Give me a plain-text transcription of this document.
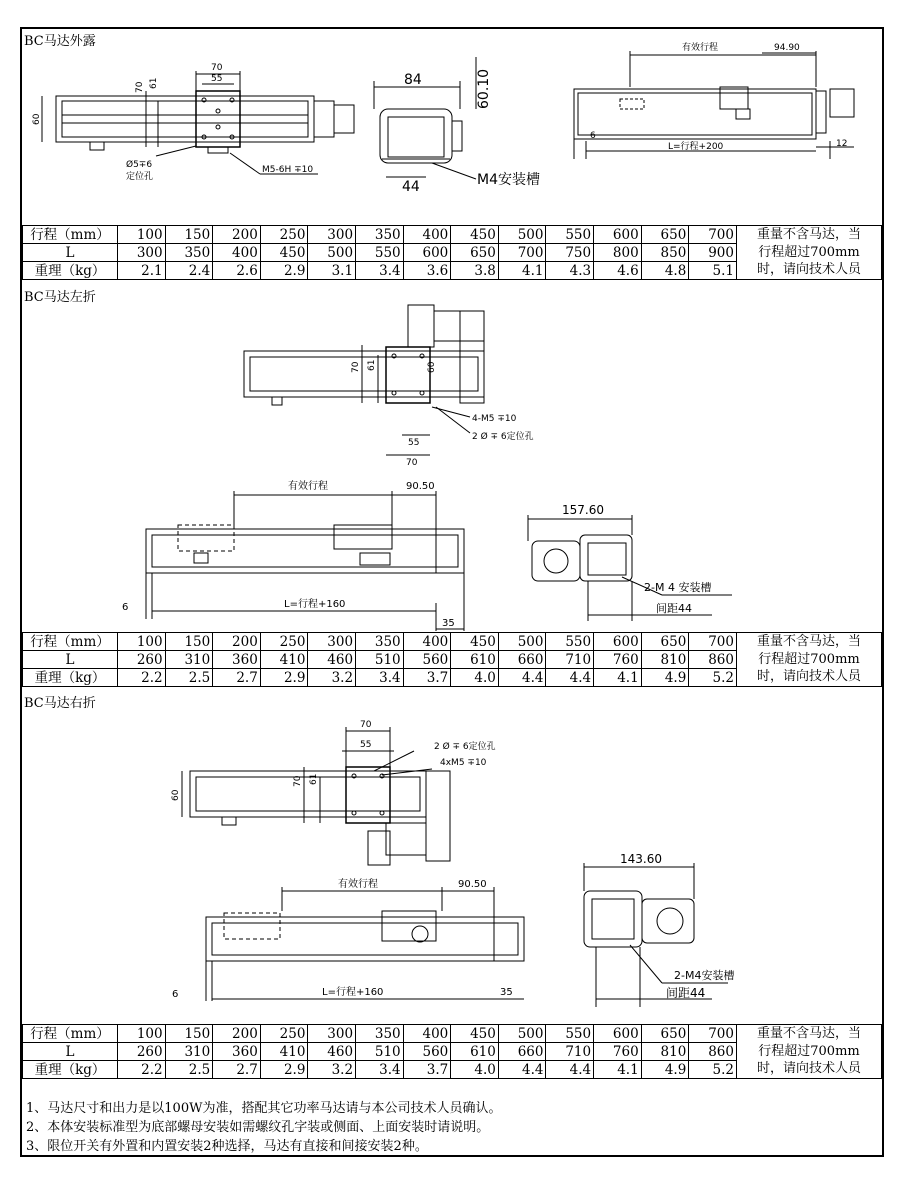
BC马达外露
70
55
70 61
60
Ø5∓6
定位孔
M5-6H ∓10
84	60.10
44	M4安装槽
有效行程	94.90
6
L=行程+200	12
行程（mm）	100	150	200	250	300	350	400	450	500	550	600	650	700	重量不含马达，当
L	300	350	400	450	500	550	600	650	700	750	800	850	900	行程超过700mm
重理（kg）	2.1	2.4	2.6	2.9	3.1	3.4	3.6	3.8	4.1	4.3	4.6	4.8	5.1	时，请向技术人员
BC马达左折
70 61	60
4-M5 ∓10
2 Ø ∓ 6定位孔
55
70
有效行程	90.50
6	L=行程+160
35
157.60
2-M 4 安装槽
间距44
行程（mm）	100	150	200	250	300	350	400	450	500	550	600	650	700	重量不含马达，当
L	260	310	360	410	460	510	560	610	660	710	760	810	860	行程超过700mm
重理（kg）	2.2	2.5	2.7	2.9	3.2	3.4	3.7	4.0	4.4	4.4	4.1	4.9	5.2	时，请向技术人员
BC马达右折
70
55
70 61
60
2 Ø ∓ 6定位孔
4xM5 ∓10
有效行程	90.50
6	L=行程+160	35
143.60
2-M4安装槽
间距44
行程（mm）	100	150	200	250	300	350	400	450	500	550	600	650	700	重量不含马达，当
L	260	310	360	410	460	510	560	610	660	710	760	810	860	行程超过700mm
重理（kg）	2.2	2.5	2.7	2.9	3.2	3.4	3.7	4.0	4.4	4.4	4.1	4.9	5.2	时，请向技术人员
1、马达尺寸和出力是以100W为准，搭配其它功率马达请与本公司技术人员确认。
2、本体安装标准型为底部螺母安装如需螺纹孔字装或侧面、上面安装时请说明。
3、限位开关有外置和内置安装2种选择，马达有直接和间接安装2种。
